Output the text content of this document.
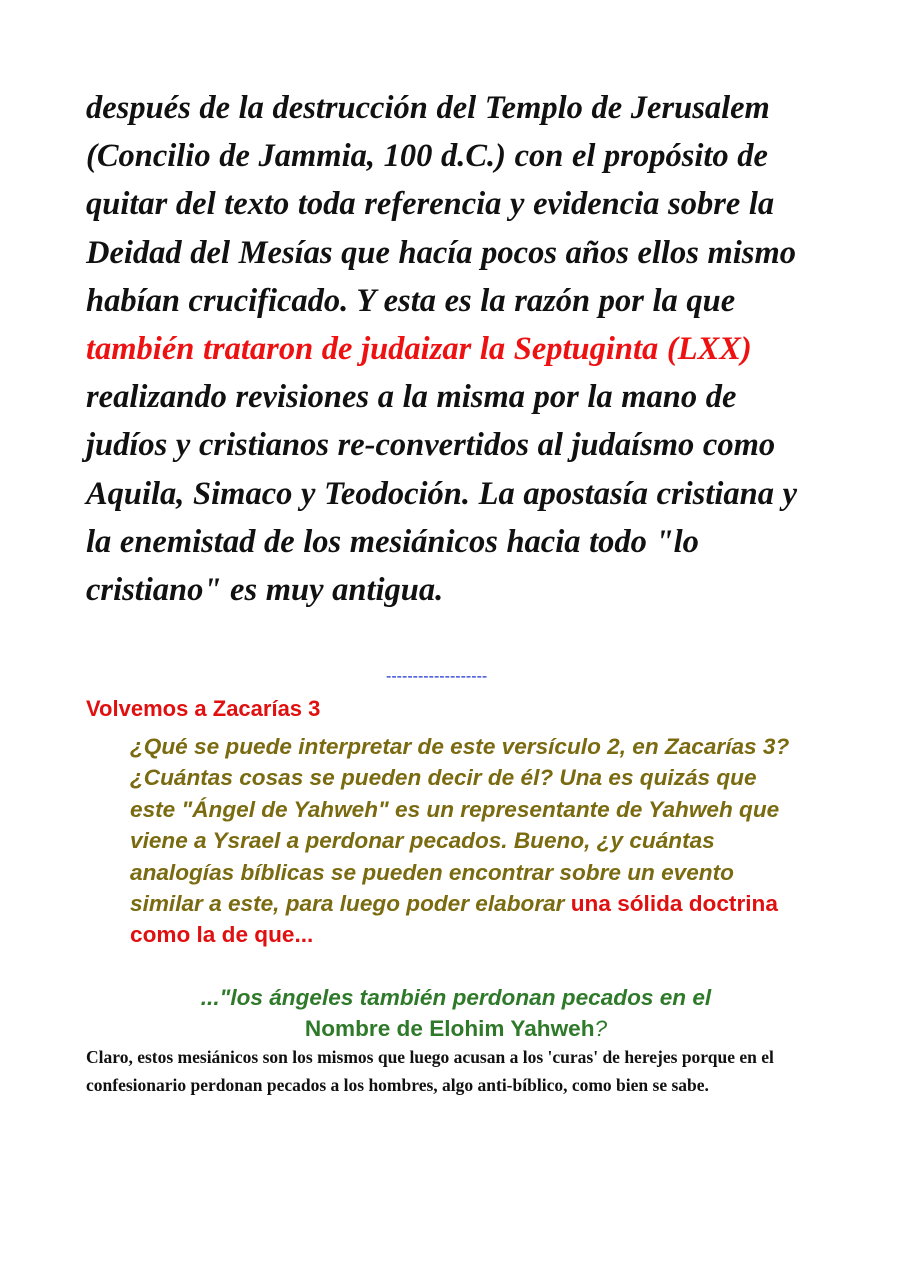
después de la destrucción del Templo de Jerusalem (Concilio de Jammia, 100 d.C.) con el propósito de quitar del texto toda referencia y evidencia sobre la Deidad del Mesías que hacía pocos años ellos mismo habían crucificado. Y esta es la razón por la que también trataron de judaizar la Septuginta (LXX) realizando revisiones a la misma por la mano de judíos y cristianos re-convertidos al judaísmo como Aquila, Simaco y Teodoción. La apostasía cristiana y la enemistad de los mesiánicos hacia todo "lo cristiano" es muy antigua.

-------------------

Volvemos a Zacarías 3

¿Qué se puede interpretar de este versículo 2, en Zacarías 3? ¿Cuántas cosas se pueden decir de él? Una es quizás que este "Ángel de Yahweh" es un representante de Yahweh que viene a Ysrael a perdonar pecados. Bueno, ¿y cuántas analogías bíblicas se pueden encontrar sobre un evento similar a este, para luego poder elaborar una sólida doctrina como la de que...

..."los ángeles también perdonan pecados en el
Nombre de Elohim Yahweh?

Claro, estos mesiánicos son los mismos que luego acusan a los 'curas' de herejes porque en el confesionario perdonan pecados a los hombres, algo anti-bíblico, como bien se sabe.
